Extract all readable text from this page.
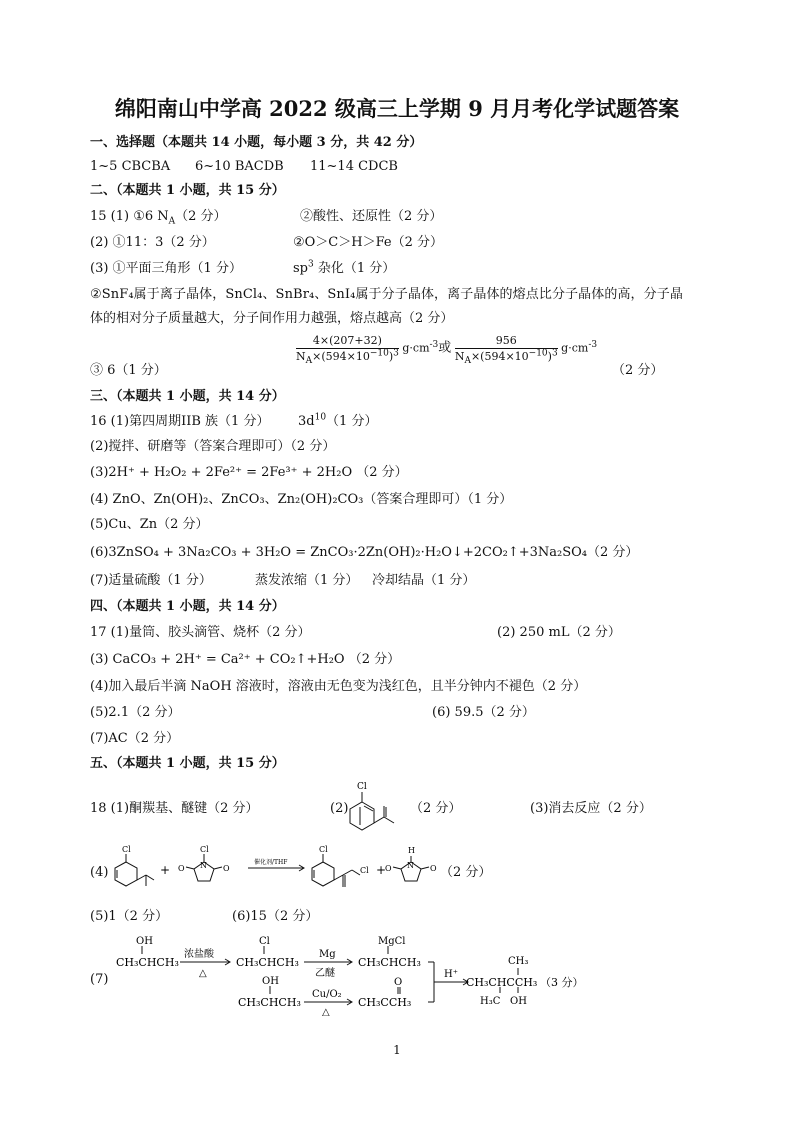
绵阳南山中学高 2022 级高三上学期 9 月月考化学试题答案
一、选择题（本题共 14 小题，每小题 3 分，共 42 分）
1~5 CBCBA 6~10 BACDB 11~14 CDCB
二、（本题共 1 小题，共 15 分）
15 (1) ①6 $N_A(2$ 分）	②酸性、还原性（2 分）
(2) ①11：3（2 分）	②O＞C＞H＞Fe（2 分）
(3) ①平面三角形（1 分）	$sp^3$ 杂化（1 分）
②SnF₄属于离子晶体，SnCl₄、SnBr₄、SnI₄属于分子晶体，离子晶体的熔点比分子晶体的高，分子晶
体的相对分子质量越大，分子间作用力越强，熔点越高（2 分）
③ 6（1 分）
$\frac{4\times(207+32)}{N_A\times(594\times 10^{-10})^3} g\cdot cm^{-3}$或 $\frac{956}{N_A\times(594\times 10^{-10})^3} g\cdot cm^{-3}$
（2 分）
三、（本题共 1 小题，共 14 分）
16 (1)第四周期IIB 族（1 分） $3d^{10}(1$ 分）
(2)搅拌、研磨等（答案合理即可）（2 分）
(3)2H⁺ + H₂O₂ + 2Fe²⁺ = 2Fe³⁺ + 2H₂O （2 分）
(4) ZnO、Zn(OH)₂、ZnCO₃、Zn₂(OH)₂CO₃（答案合理即可）（1 分）
(5)Cu、Zn（2 分）
(6)3ZnSO₄ + 3Na₂CO₃ + 3H₂O = ZnCO₃·2Zn(OH)₂·H₂O↓+2CO₂↑+3Na₂SO₄（2 分）
(7)适量硫酸（1 分）	蒸发浓缩（1 分） 冷却结晶（1 分）
四、（本题共 1 小题，共 14 分）
17 (1)量筒、胶头滴管、烧杯（2 分）	(2) 250 mL（2 分）
(3) CaCO₃ + 2H⁺ = Ca²⁺ + CO₂↑+H₂O （2 分）
(4)加入最后半滴 NaOH 溶液时，溶液由无色变为浅红色，且半分钟内不褪色（2 分）
(5)2.1（2 分）	(6) 59.5（2 分）
(7)AC（2 分）
五、（本题共 1 小题，共 15 分）
18 (1)酮羰基、醚键（2 分）	(2)
Cl
（2 分）	(3)消去反应（2 分）
(4)
Cl
+
Cl
N
O	O
催化剂/THF
Cl
Cl +
H
N
O	O （2 分）
(5)1（2 分）	(6)15（2 分）
(7)
OH
CH₃CHCH₃
浓盐酸
△
Cl
CH₃CHCH₃
Mg
乙醚
MgCl
CH₃CHCH₃
OH
CH₃CHCH₃
Cu/O₂
△
O
CH₃CCH₃
H⁺
CH₃
CH₃CHCCH₃
H₃C OH
（3 分）
1
